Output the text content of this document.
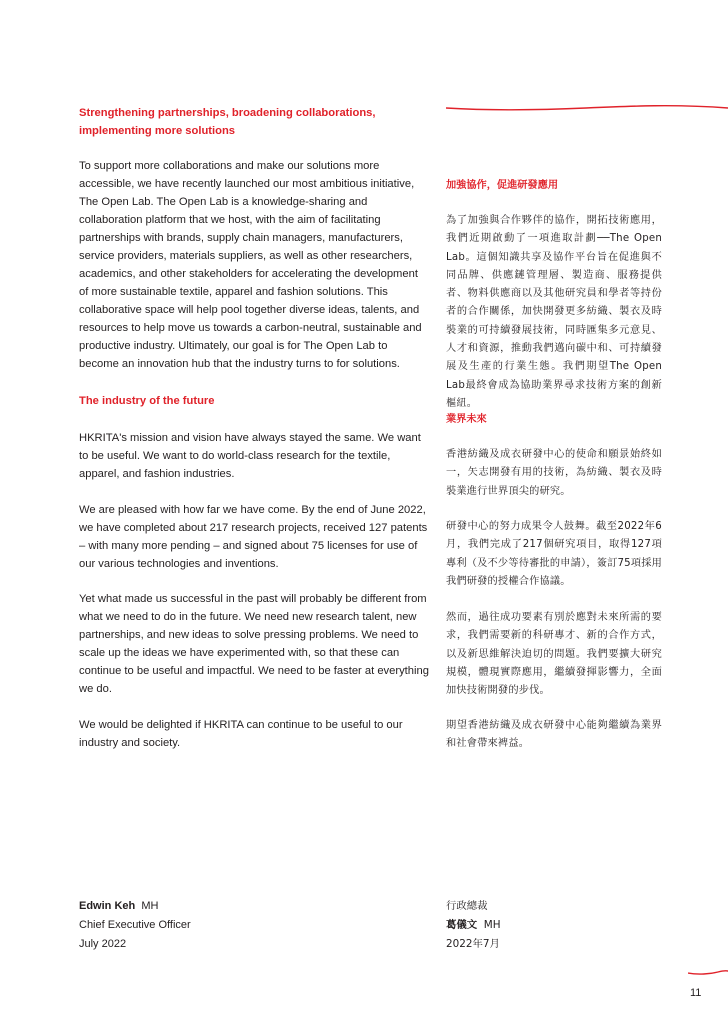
Strengthening partnerships, broadening collaborations, implementing more solutions

To support more collaborations and make our solutions more accessible, we have recently launched our most ambitious initiative, The Open Lab. The Open Lab is a knowledge-sharing and collaboration platform that we host, with the aim of facilitating partnerships with brands, supply chain managers, manufacturers, service providers, materials suppliers, as well as other researchers, academics, and other stakeholders for accelerating the development of more sustainable textile, apparel and fashion solutions. This collaborative space will help pool together diverse ideas, talents, and resources to help move us towards a carbon-neutral, sustainable and productive industry. Ultimately, our goal is for The Open Lab to become an innovation hub that the industry turns to for solutions.

The industry of the future

HKRITA's mission and vision have always stayed the same. We want to be useful. We want to do world-class research for the textile, apparel, and fashion industries.

We are pleased with how far we have come. By the end of June 2022, we have completed about 217 research projects, received 127 patents – with many more pending – and signed about 75 licenses for use of our various technologies and inventions.

Yet what made us successful in the past will probably be different from what we need to do in the future. We need new research talent, new partnerships, and new ideas to solve pressing problems. We need to scale up the ideas we have experimented with, so that these can continue to be useful and impactful. We need to be faster at everything we do.

We would be delighted if HKRITA can continue to be useful to our industry and society.

加強協作，促進研發應用

為了加強與合作夥伴的協作，開拓技術應用，我們近期啟動了一項進取計劃──The Open Lab。這個知識共享及協作平台旨在促進與不同品牌、供應鏈管理層、製造商、服務提供者、物料供應商以及其他研究員和學者等持份者的合作關係，加快開發更多紡織、製衣及時裝業的可持續發展技術，同時匯集多元意見、人才和資源，推動我們邁向碳中和、可持續發展及生產的行業生態。我們期望The Open Lab最終會成為協助業界尋求技術方案的創新樞紐。

業界未來

香港紡織及成衣研發中心的使命和願景始終如一，矢志開發有用的技術，為紡織、製衣及時裝業進行世界頂尖的研究。

研發中心的努力成果令人鼓舞。截至2022年6月，我們完成了217個研究項目，取得127項專利（及不少等待審批的申請），簽訂75項採用我們研發的授權合作協議。

然而，過往成功要素有別於應對未來所需的要求，我們需要新的科研專才、新的合作方式，以及新思維解決迫切的問題。我們要擴大研究規模，體現實際應用，繼續發揮影響力，全面加快技術開發的步伐。

期望香港紡織及成衣研發中心能夠繼續為業界和社會帶來裨益。

Edwin Keh MH
Chief Executive Officer
July 2022
行政總裁
葛儀文 MH
2022年7月
11
